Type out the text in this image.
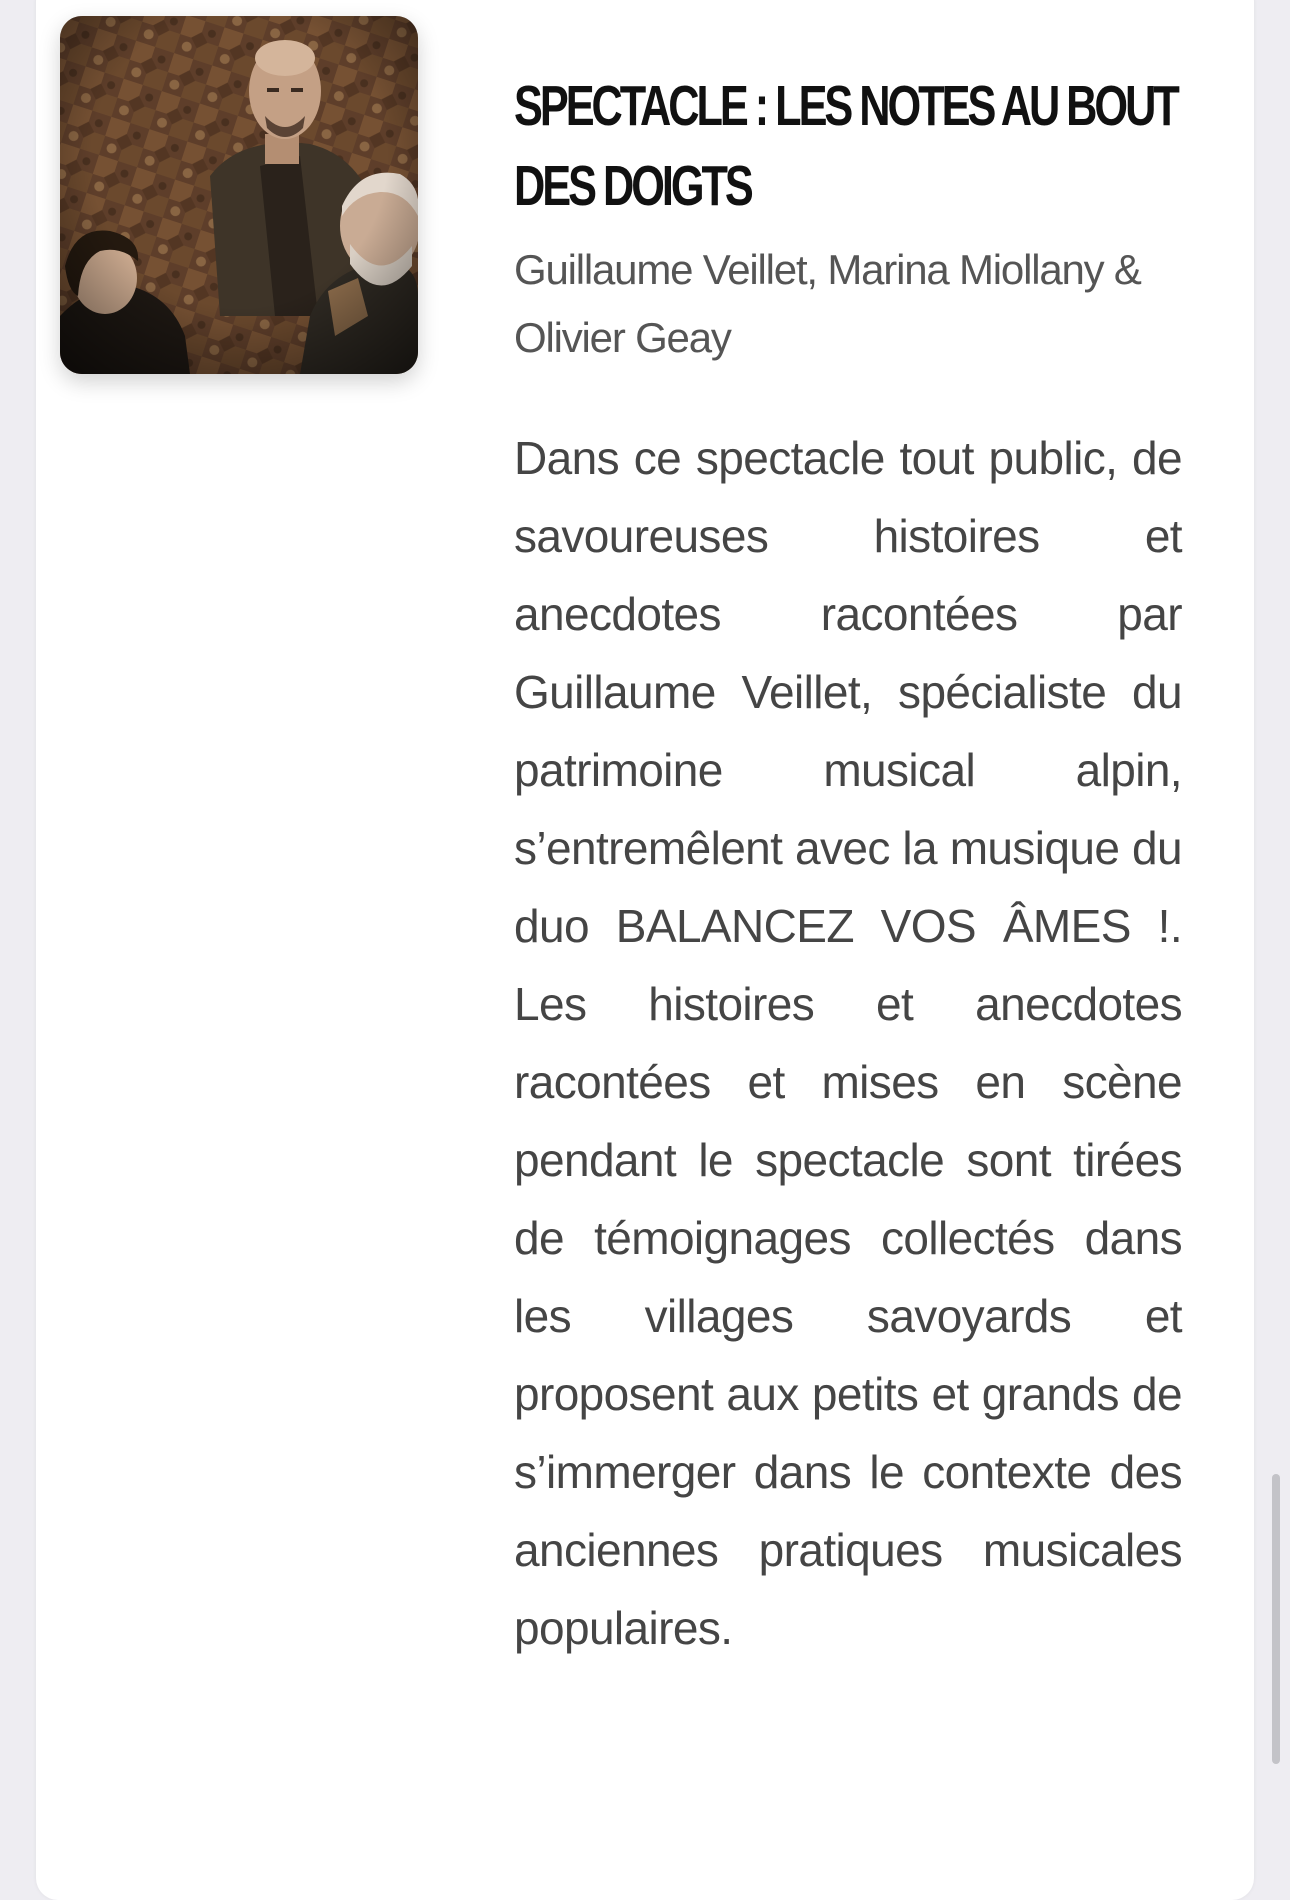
SPECTACLE : LES NOTES AU BOUT
DES DOIGTS
Guillaume Veillet, Marina Miollany & Olivier Geay
Dans ce spectacle tout public, de savoureuses histoires et anecdotes racontées par Guillaume Veillet, spécialiste du patrimoine musical alpin, s’entremêlent avec la musique du duo BALANCEZ VOS ÂMES !. Les histoires et anecdotes racontées et mises en scène pendant le spectacle sont tirées de témoignages collectés dans les villages savoyards et proposent aux petits et grands de s’immerger dans le contexte des anciennes pratiques musicales populaires.
